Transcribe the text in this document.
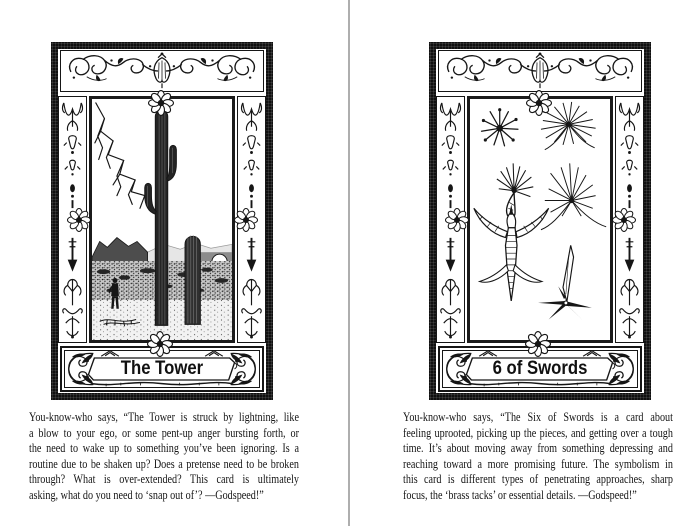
The Tower
You-know-who says, “The Tower is struck by lightning, like
a blow to your ego, or some pent-up anger bursting forth, or
the need to wake up to something you’ve been ignoring. Is a
routine due to be shaken up? Does a pretense need to be broken
through? What is over-extended? This card is ultimately
asking, what do you need to ‘snap out of’? —Godspeed!”
6 of Swords
You-know-who says, “The Six of Swords is a card about
feeling uprooted, picking up the pieces, and getting over a tough
time. It’s about moving away from something depressing and
reaching toward a more promising future. The symbolism in
this card is different types of penetrating approaches, sharp
focus, the ‘brass tacks’ or essential details. —Godspeed!”
